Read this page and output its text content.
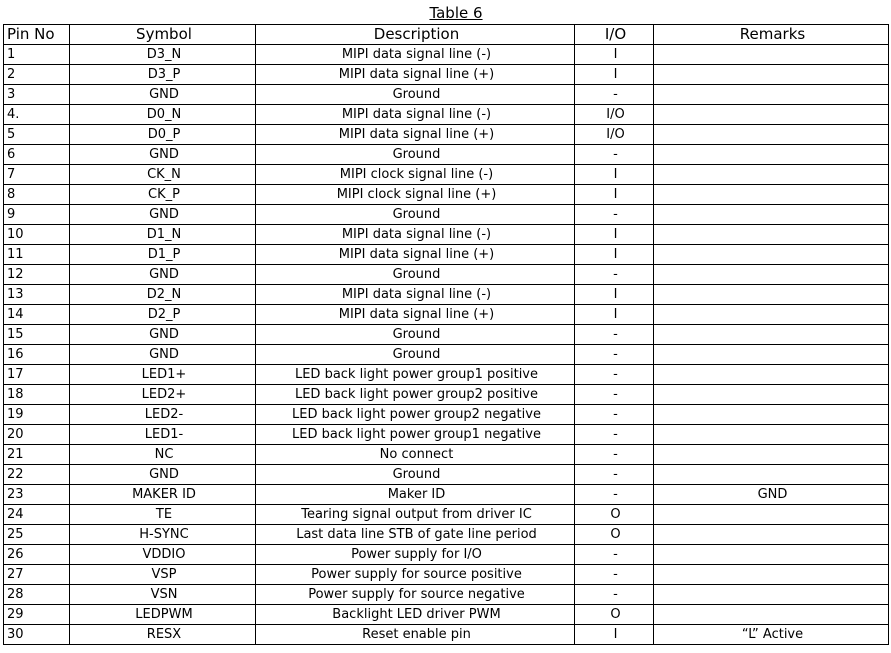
Table 6
Pin No	Symbol	Description	I/O	Remarks
1	D3_N	MIPI data signal line (-)	I	
2	D3_P	MIPI data signal line (+)	I	
3	GND	Ground	-	
4.	D0_N	MIPI data signal line (-)	I/O	
5	D0_P	MIPI data signal line (+)	I/O	
6	GND	Ground	-	
7	CK_N	MIPI clock signal line (-)	I	
8	CK_P	MIPI clock signal line (+)	I	
9	GND	Ground	-	
10	D1_N	MIPI data signal line (-)	I	
11	D1_P	MIPI data signal line (+)	I	
12	GND	Ground	-	
13	D2_N	MIPI data signal line (-)	I	
14	D2_P	MIPI data signal line (+)	I	
15	GND	Ground	-	
16	GND	Ground	-	
17	LED1+	LED back light power group1 positive	-	
18	LED2+	LED back light power group2 positive	-	
19	LED2-	LED back light power group2 negative	-	
20	LED1-	LED back light power group1 negative	-	
21	NC	No connect	-	
22	GND	Ground	-	
23	MAKER ID	Maker ID	-	GND
24	TE	Tearing signal output from driver IC	O	
25	H-SYNC	Last data line STB of gate line period	O	
26	VDDIO	Power supply for I/O	-	
27	VSP	Power supply for source positive	-	
28	VSN	Power supply for source negative	-	
29	LEDPWM	Backlight LED driver PWM	O	
30	RESX	Reset enable pin	I	“L” Active
